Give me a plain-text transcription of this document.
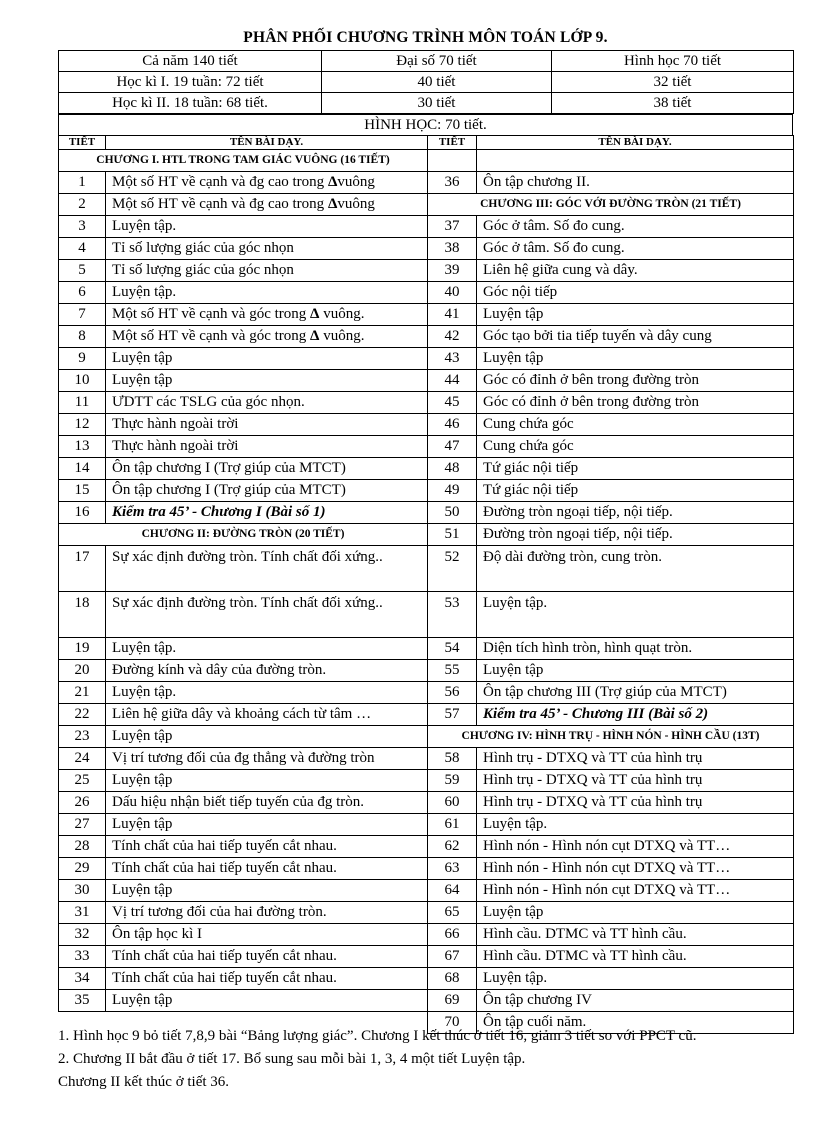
PHÂN PHỐI CHƯƠNG TRÌNH MÔN TOÁN LỚP 9.
Cả năm 140 tiết	Đại số 70 tiết	Hình học 70 tiết
Học kì I. 19 tuần: 72 tiết	40 tiết	32 tiết
Học kì II. 18 tuần: 68 tiết.	30 tiết	38 tiết
HÌNH HỌC: 70 tiết.
TIẾT	TÊN BÀI DẠY.	TIẾT	TÊN BÀI DẠY.
CHƯƠNG I. HTL TRONG TAM GIÁC VUÔNG (16 TIẾT)			
1	Một số HT về cạnh và đg cao trong Δvuông	36	Ôn tập chương II.
2	Một số HT về cạnh và đg cao trong Δvuông	CHƯƠNG III: GÓC VỚI ĐƯỜNG TRÒN (21 TIẾT)	
3	Luyện tập.	37	Góc ở tâm. Số đo cung.
4	Tỉ số lượng giác của góc nhọn	38	Góc ở tâm. Số đo cung.
5	Tỉ số lượng giác của góc nhọn	39	Liên hệ giữa cung và dây.
6	Luyện tập.	40	Góc nội tiếp
7	Một số HT về cạnh và góc trong Δ vuông.	41	Luyện tập
8	Một số HT về cạnh và góc trong Δ vuông.	42	Góc tạo bởi tia tiếp tuyến và dây cung
9	Luyện tập	43	Luyện tập
10	Luyện tập	44	Góc có đỉnh ở bên trong đường tròn
11	ƯDTT các TSLG của góc nhọn.	45	Góc có đỉnh ở bên trong đường tròn
12	Thực hành ngoài trời	46	Cung chứa góc
13	Thực hành ngoài trời	47	Cung chứa góc
14	Ôn tập chương I (Trợ giúp của MTCT)	48	Tứ giác nội tiếp
15	Ôn tập chương I (Trợ giúp của MTCT)	49	Tứ giác nội tiếp
16	Kiểm tra 45’ - Chương I (Bài số 1)	50	Đường tròn ngoại tiếp, nội tiếp.
CHƯƠNG II: ĐƯỜNG TRÒN (20 TIẾT)		51	Đường tròn ngoại tiếp, nội tiếp.
17	Sự xác định đường tròn. Tính chất đối xứng..	52	Độ dài đường tròn, cung tròn.
18	Sự xác định đường tròn. Tính chất đối xứng..	53	Luyện tập.
19	Luyện tập.	54	Diện tích hình tròn, hình quạt tròn.
20	Đường kính và dây của đường tròn.	55	Luyện tập
21	Luyện tập.	56	Ôn tập chương III (Trợ giúp của MTCT)
22	Liên hệ giữa dây và khoảng cách từ tâm …	57	Kiểm tra 45’ - Chương III (Bài số 2)
23	Luyện tập	CHƯƠNG IV: HÌNH TRỤ - HÌNH NÓN - HÌNH CẦU (13T)	
24	Vị trí tương đối của đg thẳng và đường tròn	58	Hình trụ - DTXQ và TT của hình trụ
25	Luyện tập	59	Hình trụ - DTXQ và TT của hình trụ
26	Dấu hiệu nhận biết tiếp tuyến của đg tròn.	60	Hình trụ - DTXQ và TT của hình trụ
27	Luyện tập	61	Luyện tập.
28	Tính chất của hai tiếp tuyến cắt nhau.	62	Hình nón - Hình nón cụt DTXQ và TT…
29	Tính chất của hai tiếp tuyến cắt nhau.	63	Hình nón - Hình nón cụt DTXQ và TT…
30	Luyện tập	64	Hình nón - Hình nón cụt DTXQ và TT…
31	Vị trí tương đối của hai đường tròn.	65	Luyện tập
32	Ôn tập học kì I	66	Hình cầu. DTMC và TT hình cầu.
33	Tính chất của hai tiếp tuyến cắt nhau.	67	Hình cầu. DTMC và TT hình cầu.
34	Tính chất của hai tiếp tuyến cắt nhau.	68	Luyện tập.
35	Luyện tập	69	Ôn tập chương IV
		70	Ôn tập cuối năm.
1. Hình học 9 bỏ tiết 7,8,9 bài “Bảng lượng giác”. Chương I kết thúc ở tiết 16, giảm 3 tiết so với PPCT cũ.
2. Chương II bắt đầu ở tiết 17. Bổ sung sau mỗi bài 1, 3, 4 một tiết Luyện tập.
Chương II kết thúc ở tiết 36.
